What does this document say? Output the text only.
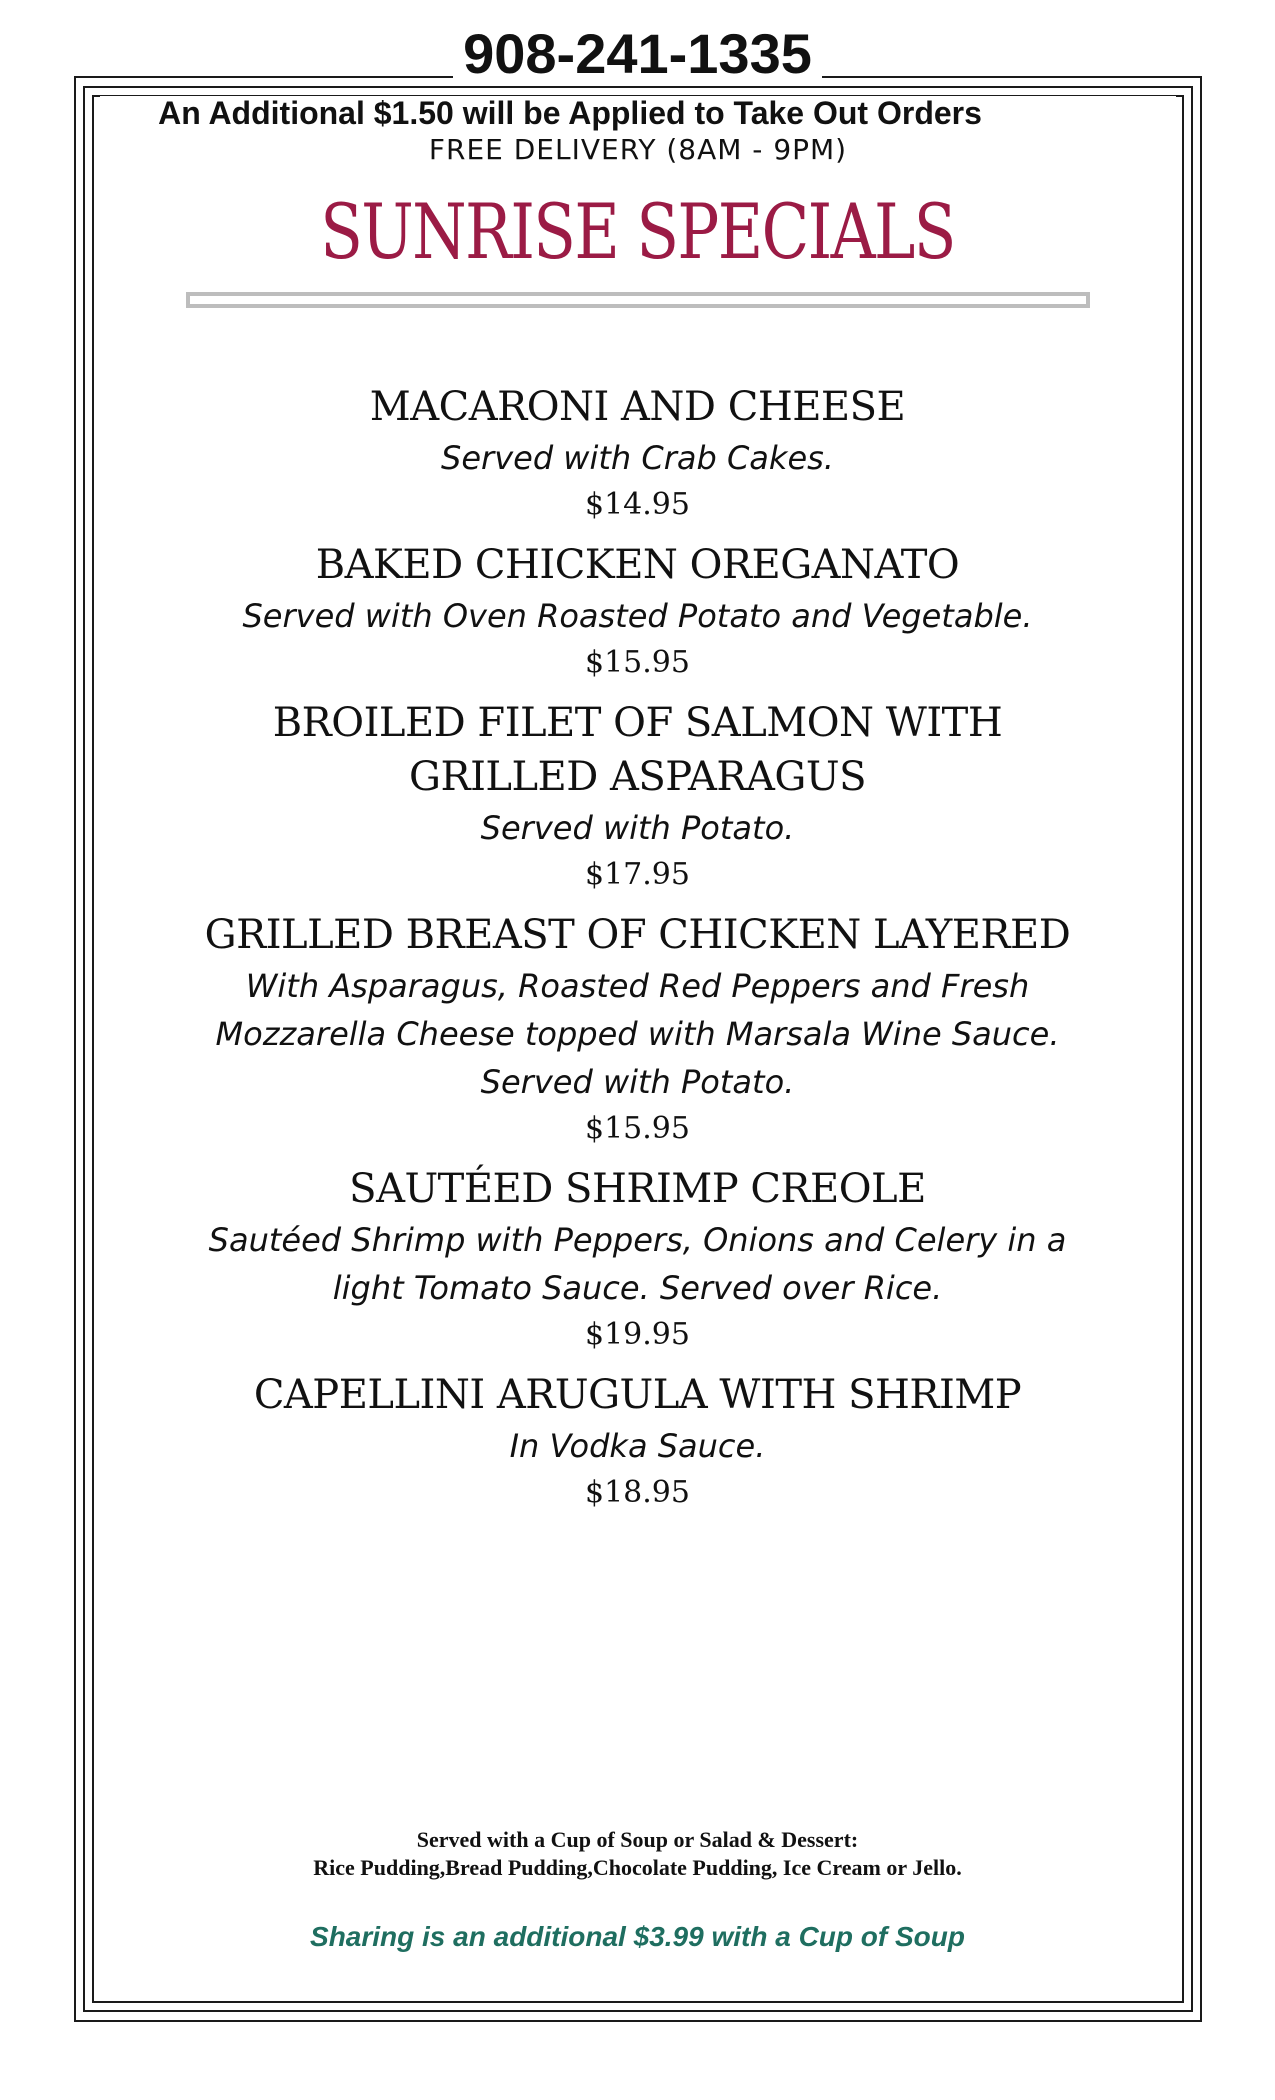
908-241-1335
An Additional $1.50 will be Applied to Take Out Orders
FREE DELIVERY (8AM - 9PM)
SUNRISE SPECIALS
MACARONI AND CHEESE
Served with Crab Cakes.
$14.95
BAKED CHICKEN OREGANATO
Served with Oven Roasted Potato and Vegetable.
$15.95
BROILED FILET OF SALMON WITH GRILLED ASPARAGUS
Served with Potato.
$17.95
GRILLED BREAST OF CHICKEN LAYERED
With Asparagus, Roasted Red Peppers and Fresh
Mozzarella Cheese topped with Marsala Wine Sauce.
Served with Potato.
$15.95
SAUTÉED SHRIMP CREOLE
Sautéed Shrimp with Peppers, Onions and Celery in a
light Tomato Sauce. Served over Rice.
$19.95
CAPELLINI ARUGULA WITH SHRIMP
In Vodka Sauce.
$18.95
Served with a Cup of Soup or Salad & Dessert:
Rice Pudding,Bread Pudding,Chocolate Pudding, Ice Cream or Jello.
Sharing is an additional $3.99 with a Cup of Soup
